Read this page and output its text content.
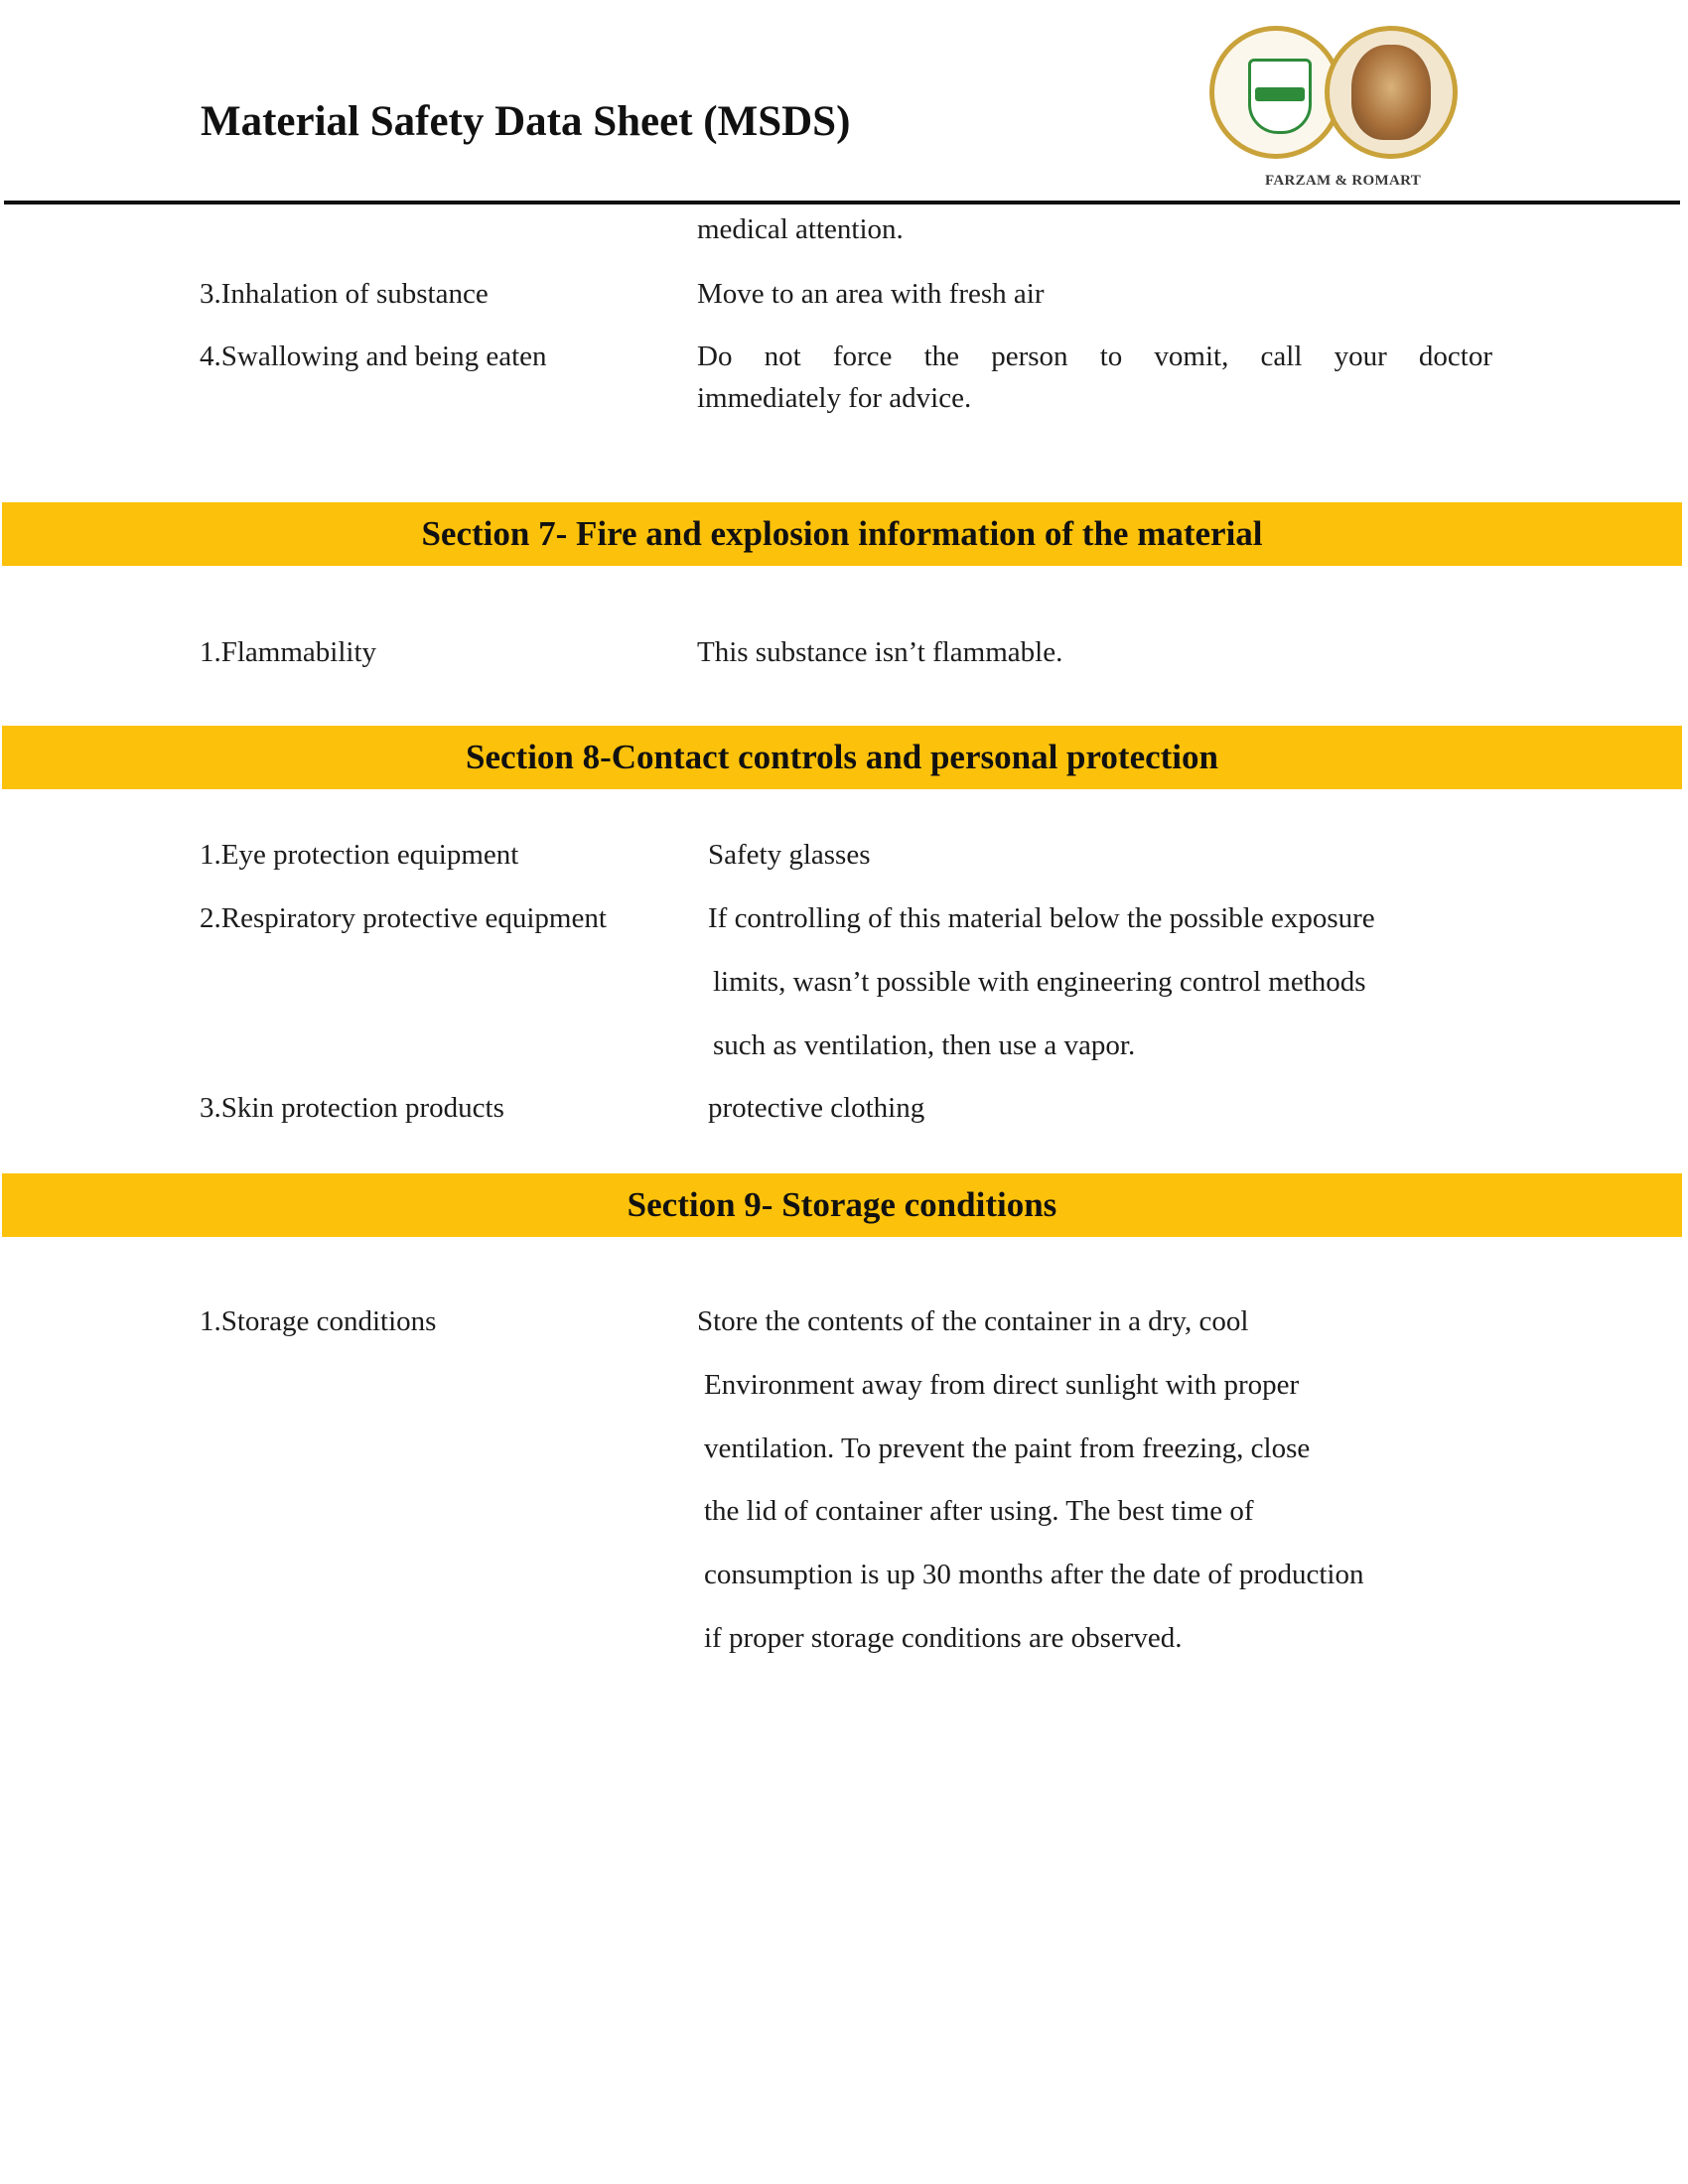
Material Safety Data Sheet (MSDS)
FARZAM & ROMART
medical attention.
3.Inhalation of substance	Move to an area with fresh air
4.Swallowing and being eaten	Do not force the person to vomit, call your doctor
immediately for advice.
Section 7- Fire and explosion information of the material
1.Flammability	This substance isn’t flammable.
Section 8-Contact controls and personal protection
1.Eye protection equipment	Safety glasses
2.Respiratory protective equipment	If controlling of this material below the possible exposure
limits, wasn’t possible with engineering control methods
such as ventilation, then use a vapor.
3.Skin protection products	protective clothing
Section 9- Storage conditions
1.Storage conditions	Store the contents of the container in a dry, cool
Environment away from direct sunlight with proper
ventilation. To prevent the paint from freezing, close
the lid of container after using. The best time of
consumption is up 30 months after the date of production
if proper storage conditions are observed.
